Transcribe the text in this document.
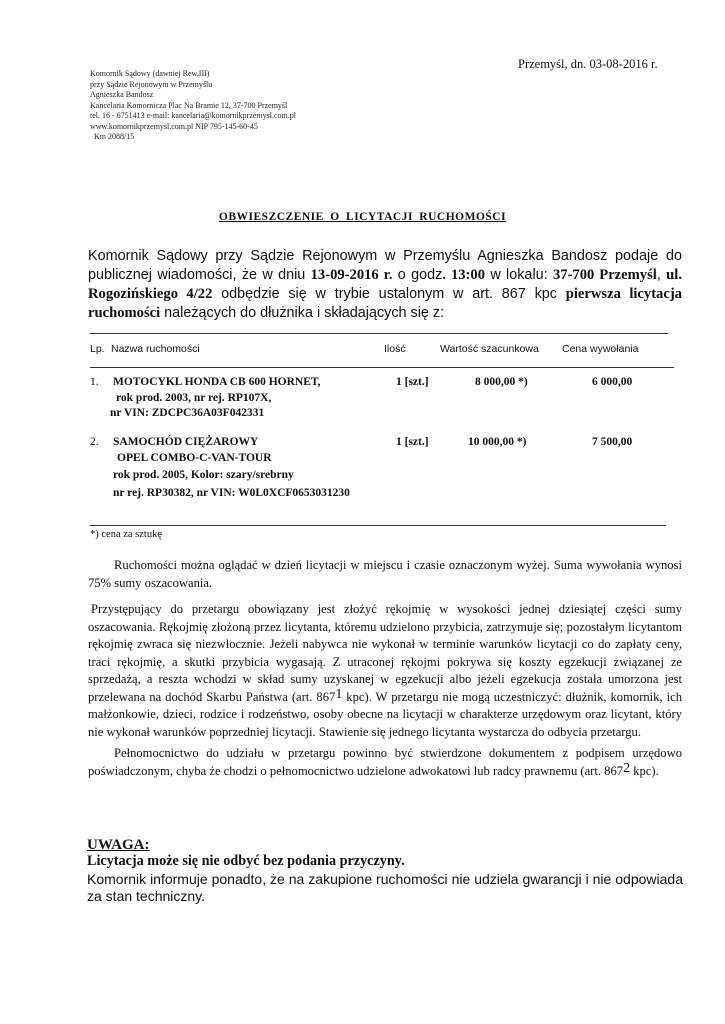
Przemyśl, dn. 03-08-2016 r.
Komornik Sądowy (dawniej Rew.III)
przy Sądzie Rejonowym w Przemyślu
Agnieszka Bandosz
Kancelaria Komornicza Plac Na Bramie 12, 37-700 Przemyśl
tel. 16 - 6751413 e-mail: kancelaria@komornikprzemysl.com.pl
www.komornikprzemysl.com.pl NIP 795-145-60-45
Km 2088/15
OBWIESZCZENIE O LICYTACJI RUCHOMOŚCI
Komornik Sądowy przy Sądzie Rejonowym w Przemyślu Agnieszka Bandosz podaje do publicznej wiadomości, że w dniu 13-09-2016 r. o godz. 13:00 w lokalu: 37-700 Przemyśl, ul. Rogozińskiego 4/22 odbędzie się w trybie ustalonym w art. 867 kpc pierwsza licytacja ruchomości należących do dłużnika i składających się z:
Lp. Nazwa ruchomości	Ilość	Wartość szacunkowa Cena wywołania
1. MOTOCYKL HONDA CB 600 HORNET,
rok prod. 2003, nr rej. RP107X,
nr VIN: ZDCPC36A03F042331
1 [szt.]	8 000,00 *)	6 000,00
2. SAMOCHÓD CIĘŻAROWY
OPEL COMBO-C-VAN-TOUR
rok prod. 2005, Kolor: szary/srebrny
nr rej. RP30382, nr VIN: W0L0XCF0653031230
1 [szt.]	10 000,00 *)	7 500,00
*) cena za sztukę

Ruchomości można oglądać w dzień licytacji w miejscu i czasie oznaczonym wyżej. Suma wywołania wynosi 75% sumy oszacowania.

Przystępujący do przetargu obowiązany jest złożyć rękojmię w wysokości jednej dziesiątej części sumy oszacowania. Rękojmię złożoną przez licytanta, któremu udzielono przybicia, zatrzymuje się; pozostałym licytantom rękojmię zwraca się niezwłocznie. Jeżeli nabywca nie wykonał w terminie warunków licytacji co do zapłaty ceny, traci rękojmię, a skutki przybicia wygasają. Z utraconej rękojmi pokrywa się koszty egzekucji związanej ze sprzedażą, a reszta wchodzi w skład sumy uzyskanej w egzekucji albo jeżeli egzekucja została umorzona jest przelewana na dochód Skarbu Państwa (art. $867^1$ kpc). W przetargu nie mogą uczestniczyć: dłużnik, komornik, ich małżonkowie, dzieci, rodzice i rodzeństwo, osoby obecne na licytacji w charakterze urzędowym oraz licytant, który nie wykonał warunków poprzedniej licytacji. Stawienie się jednego licytanta wystarcza do odbycia przetargu.

Pełnomocnictwo do udziału w przetargu powinno być stwierdzone dokumentem z podpisem urzędowo poświadczonym, chyba że chodzi o pełnomocnictwo udzielone adwokatowi lub radcy prawnemu (art. $867^2$ kpc).

UWAGA:
Licytacja może się nie odbyć bez podania przyczyny.
Komornik informuje ponadto, że na zakupione ruchomości nie udziela gwarancji i nie odpowiada za stan techniczny.
